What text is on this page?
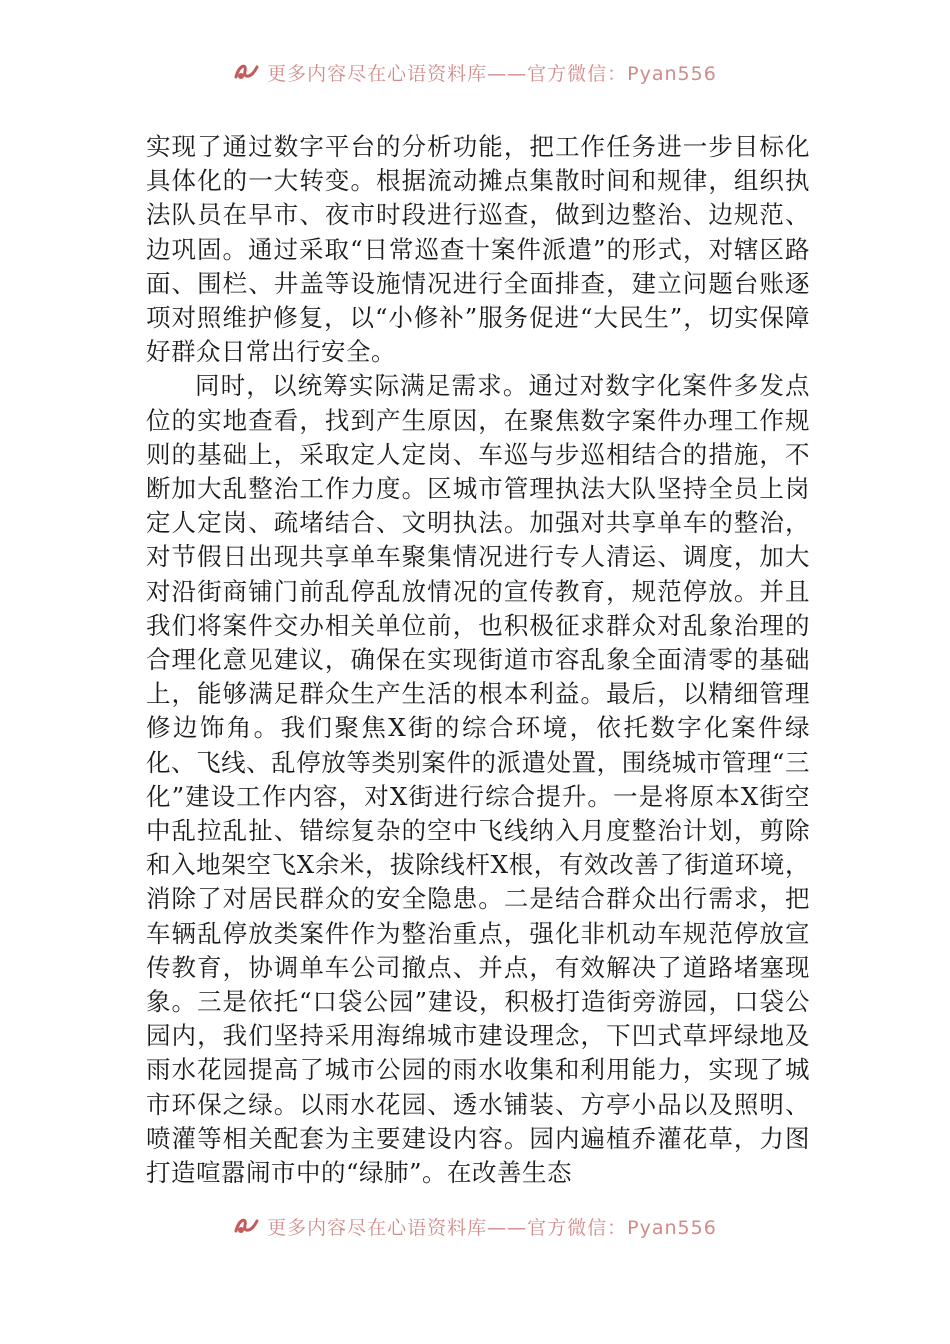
更多内容尽在心语资料库——官方微信：Pyan556

实现了通过数字平台的分析功能，把工作任务进一步目标化具体化的一大转变。根据流动摊点集散时间和规律，组织执法队员在早市、夜市时段进行巡查，做到边整治、边规范、边巩固。通过采取“日常巡查十案件派遣”的形式，对辖区路面、围栏、井盖等设施情况进行全面排查，建立问题台账逐项对照维护修复，以“小修补”服务促进“大民生”，切实保障好群众日常出行安全。

同时，以统筹实际满足需求。通过对数字化案件多发点位的实地查看，找到产生原因，在聚焦数字案件办理工作规则的基础上，采取定人定岗、车巡与步巡相结合的措施，不断加大乱整治工作力度。区城市管理执法大队坚持全员上岗定人定岗、疏堵结合、文明执法。加强对共享单车的整治，对节假日出现共享单车聚集情况进行专人清运、调度，加大对沿街商铺门前乱停乱放情况的宣传教育，规范停放。并且我们将案件交办相关单位前，也积极征求群众对乱象治理的合理化意见建议，确保在实现街道市容乱象全面清零的基础上，能够满足群众生产生活的根本利益。最后，以精细管理修边饰角。我们聚焦X街的综合环境，依托数字化案件绿化、飞线、乱停放等类别案件的派遣处置，围绕城市管理“三化”建设工作内容，对X街进行综合提升。一是将原本X街空中乱拉乱扯、错综复杂的空中飞线纳入月度整治计划，剪除和入地架空飞X余米，拔除线杆X根，有效改善了街道环境，消除了对居民群众的安全隐患。二是结合群众出行需求，把车辆乱停放类案件作为整治重点，强化非机动车规范停放宣传教育，协调单车公司撤点、并点，有效解决了道路堵塞现象。三是依托“口袋公园”建设，积极打造街旁游园，口袋公园内，我们坚持采用海绵城市建设理念，下凹式草坪绿地及雨水花园提高了城市公园的雨水收集和利用能力，实现了城市环保之绿。以雨水花园、透水铺装、方亭小品以及照明、喷灌等相关配套为主要建设内容。园内遍植乔灌花草，力图打造喧嚣闹市中的“绿肺”。在改善生态

更多内容尽在心语资料库——官方微信：Pyan556
